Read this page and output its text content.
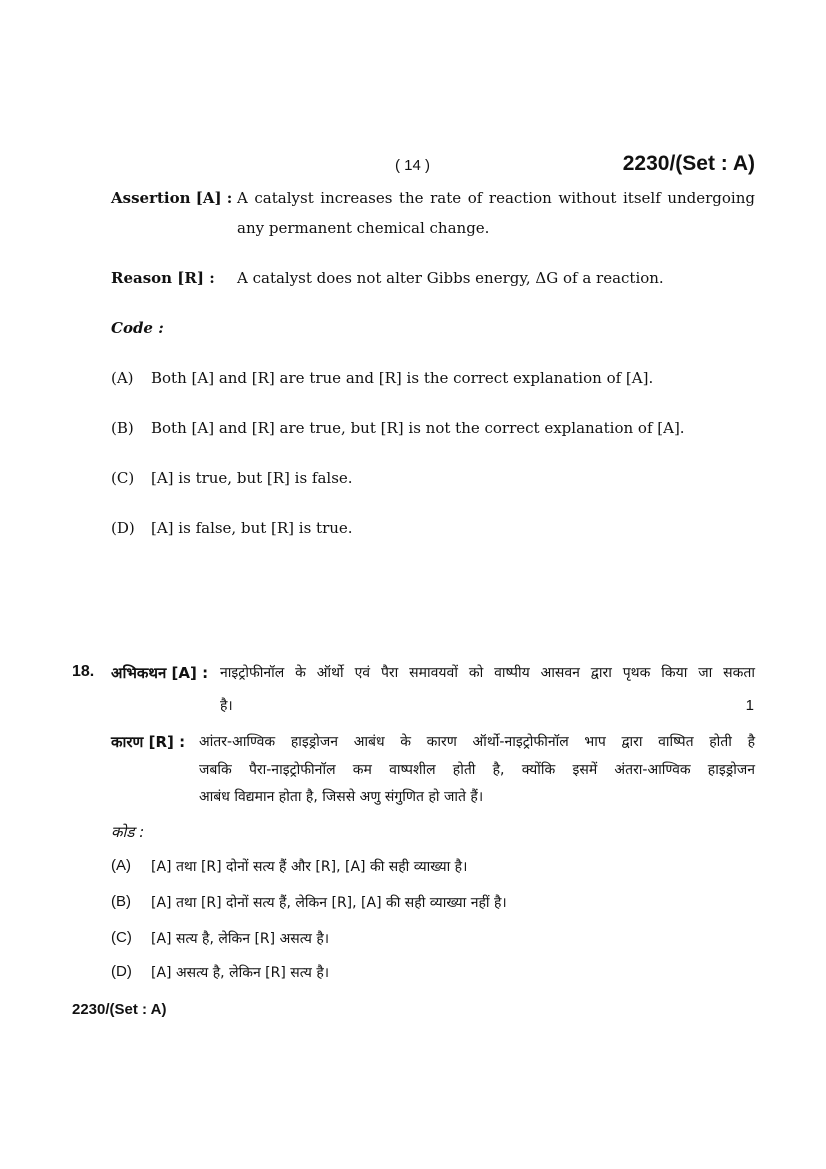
( 14 )	2230/(Set : A)
Assertion [A] : A catalyst increases the rate of reaction without itself undergoing
any permanent chemical change.
Reason [R] : A catalyst does not alter Gibbs energy, ΔG of a reaction.
Code :
(A) Both [A] and [R] are true and [R] is the correct explanation of [A].
(B) Both [A] and [R] are true, but [R] is not the correct explanation of [A].
(C) [A] is true, but [R] is false.
(D) [A] is false, but [R] is true.
18. अभिकथन [A] : नाइट्रोफीनॉल के ऑर्थो एवं पैरा समावयवों को वाष्पीय आसवन द्वारा पृथक किया जा सकता
है।	1
कारण [R] : आंतर-आण्विक हाइड्रोजन आबंध के कारण ऑर्थो-नाइट्रोफीनॉल भाप द्वारा वाष्पित होती है
जबकि पैरा-नाइट्रोफीनॉल कम वाष्पशील होती है, क्योंकि इसमें अंतरा-आण्विक हाइड्रोजन
आबंध विद्यमान होता है, जिससे अणु संगुणित हो जाते हैं।
कोड :
(A) [A] तथा [R] दोनों सत्य हैं और [R], [A] की सही व्याख्या है।
(B) [A] तथा [R] दोनों सत्य हैं, लेकिन [R], [A] की सही व्याख्या नहीं है।
(C) [A] सत्य है, लेकिन [R] असत्य है।
(D) [A] असत्य है, लेकिन [R] सत्य है।
2230/(Set : A)
